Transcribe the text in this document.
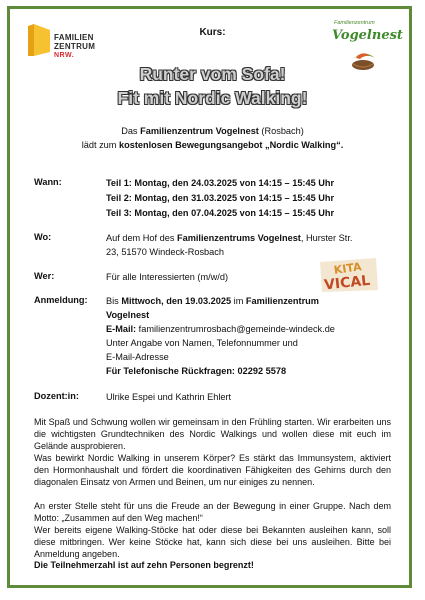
FAMILIEN
ZENTRUM
NRW.
Kurs:
Familienzentrum
Vogelnest
Runter vom Sofa!
Fit mit Nordic Walking!
Das Familienzentrum Vogelnest (Rosbach)
lädt zum kostenlosen Bewegungsangebot „Nordic Walking“.
Wann:	Teil 1: Montag, den 24.03.2025 von 14:15 – 15:45 Uhr
Teil 2: Montag, den 31.03.2025 von 14:15 – 15:45 Uhr
Teil 3: Montag, den 07.04.2025 von 14:15 – 15:45 Uhr
Wo:	Auf dem Hof des Familienzentrums Vogelnest, Hurster Str.
23, 51570 Windeck-Rosbach
Wer:	Für alle Interessierten (m/w/d)
KITA
VICAL
Anmeldung: Bis Mittwoch, den 19.03.2025 im Familienzentrum
Vogelnest
E-Mail: familienzentrumrosbach@gemeinde-windeck.de
Unter Angabe von Namen, Telefonnummer und
E-Mail-Adresse
Für Telefonische Rückfragen: 02292 5578
Dozent:in:	Ulrike Espei und Kathrin Ehlert
Mit Spaß und Schwung wollen wir gemeinsam in den Frühling starten. Wir erarbeiten uns die wichtigsten Grundtechniken des Nordic Walkings und wollen diese mit euch im Gelände ausprobieren.
Was bewirkt Nordic Walking in unserem Körper? Es stärkt das Immunsystem, aktiviert den Hormonhaushalt und fördert die koordinativen Fähigkeiten des Gehirns durch den diagonalen Einsatz von Armen und Beinen, um nur einiges zu nennen.
An erster Stelle steht für uns die Freude an der Bewegung in einer Gruppe. Nach dem Motto: „Zusammen auf den Weg machen!“
Wer bereits eigene Walking-Stöcke hat oder diese bei Bekannten ausleihen kann, soll diese mitbringen. Wer keine Stöcke hat, kann sich diese bei uns ausleihen. Bitte bei Anmeldung angeben.
Die Teilnehmerzahl ist auf zehn Personen begrenzt!
